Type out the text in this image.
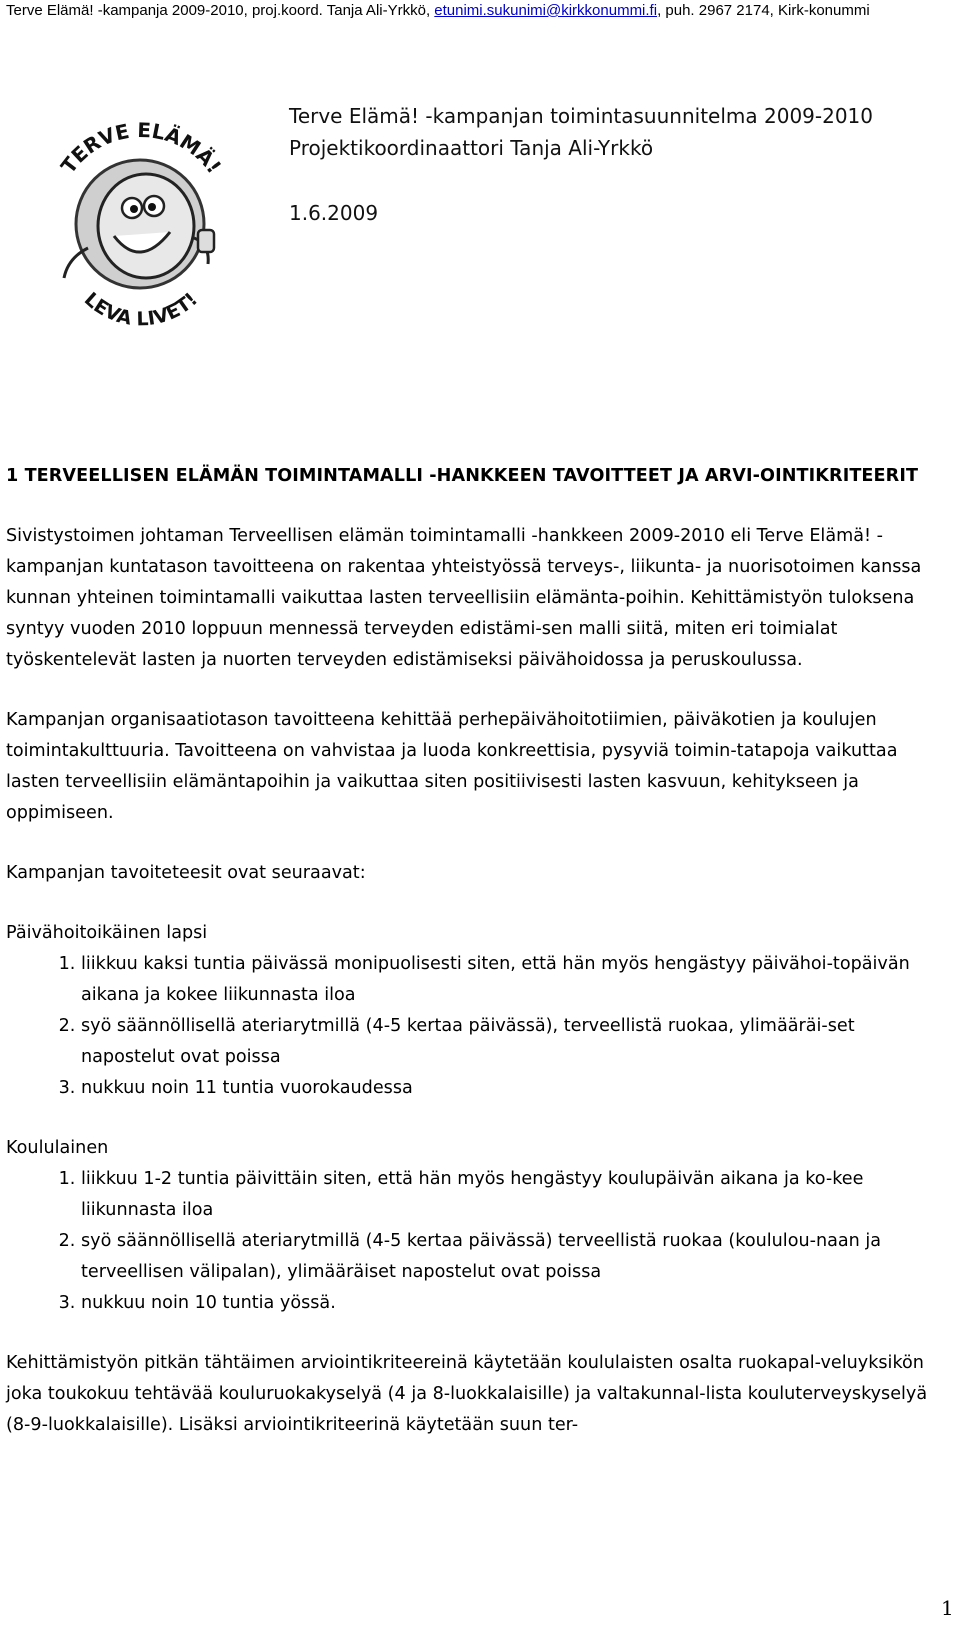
Terve Elämä! -kampanja 2009-2010, proj.koord. Tanja Ali-Yrkkö, etunimi.sukunimi@kirkkonummi.fi, puh. 2967 2174, Kirk-konummi
TERVE ELÄMÄ!
LEVA LIVET!
Terve Elämä! -kampanjan toimintasuunnitelma 2009-2010
Projektikoordinaattori Tanja Ali-Yrkkö
1.6.2009
1 TERVEELLISEN ELÄMÄN TOIMINTAMALLI -HANKKEEN TAVOITTEET JA ARVI-OINTIKRITEERIT
Sivistystoimen johtaman Terveellisen elämän toimintamalli -hankkeen 2009-2010 eli Terve Elämä! -kampanjan kuntatason tavoitteena on rakentaa yhteistyössä terveys-, liikunta- ja nuorisotoimen kanssa kunnan yhteinen toimintamalli vaikuttaa lasten terveellisiin elämänta-poihin. Kehittämistyön tuloksena syntyy vuoden 2010 loppuun mennessä terveyden edistämi-sen malli siitä, miten eri toimialat työskentelevät lasten ja nuorten terveyden edistämiseksi päivähoidossa ja peruskoulussa.
Kampanjan organisaatiotason tavoitteena kehittää perhepäivähoitotiimien, päiväkotien ja koulujen toimintakulttuuria. Tavoitteena on vahvistaa ja luoda konkreettisia, pysyviä toimin-tatapoja vaikuttaa lasten terveellisiin elämäntapoihin ja vaikuttaa siten positiivisesti lasten kasvuun, kehitykseen ja oppimiseen.
Kampanjan tavoiteteesit ovat seuraavat:
Päivähoitoikäinen lapsi
1. liikkuu kaksi tuntia päivässä monipuolisesti siten, että hän myös hengästyy päivähoi-topäivän aikana ja kokee liikunnasta iloa
2. syö säännöllisellä ateriarytmillä (4-5 kertaa päivässä), terveellistä ruokaa, ylimääräi-set napostelut ovat poissa
3. nukkuu noin 11 tuntia vuorokaudessa
Koululainen
1. liikkuu 1-2 tuntia päivittäin siten, että hän myös hengästyy koulupäivän aikana ja ko-kee liikunnasta iloa
2. syö säännöllisellä ateriarytmillä (4-5 kertaa päivässä) terveellistä ruokaa (koululou-naan ja terveellisen välipalan), ylimääräiset napostelut ovat poissa
3. nukkuu noin 10 tuntia yössä.
Kehittämistyön pitkän tähtäimen arviointikriteereinä käytetään koululaisten osalta ruokapal-veluyksikön joka toukokuu tehtävää kouluruokakyselyä (4 ja 8-luokkalaisille) ja valtakunnal-lista kouluterveyskyselyä (8-9-luokkalaisille). Lisäksi arviointikriteerinä käytetään suun ter-
1
